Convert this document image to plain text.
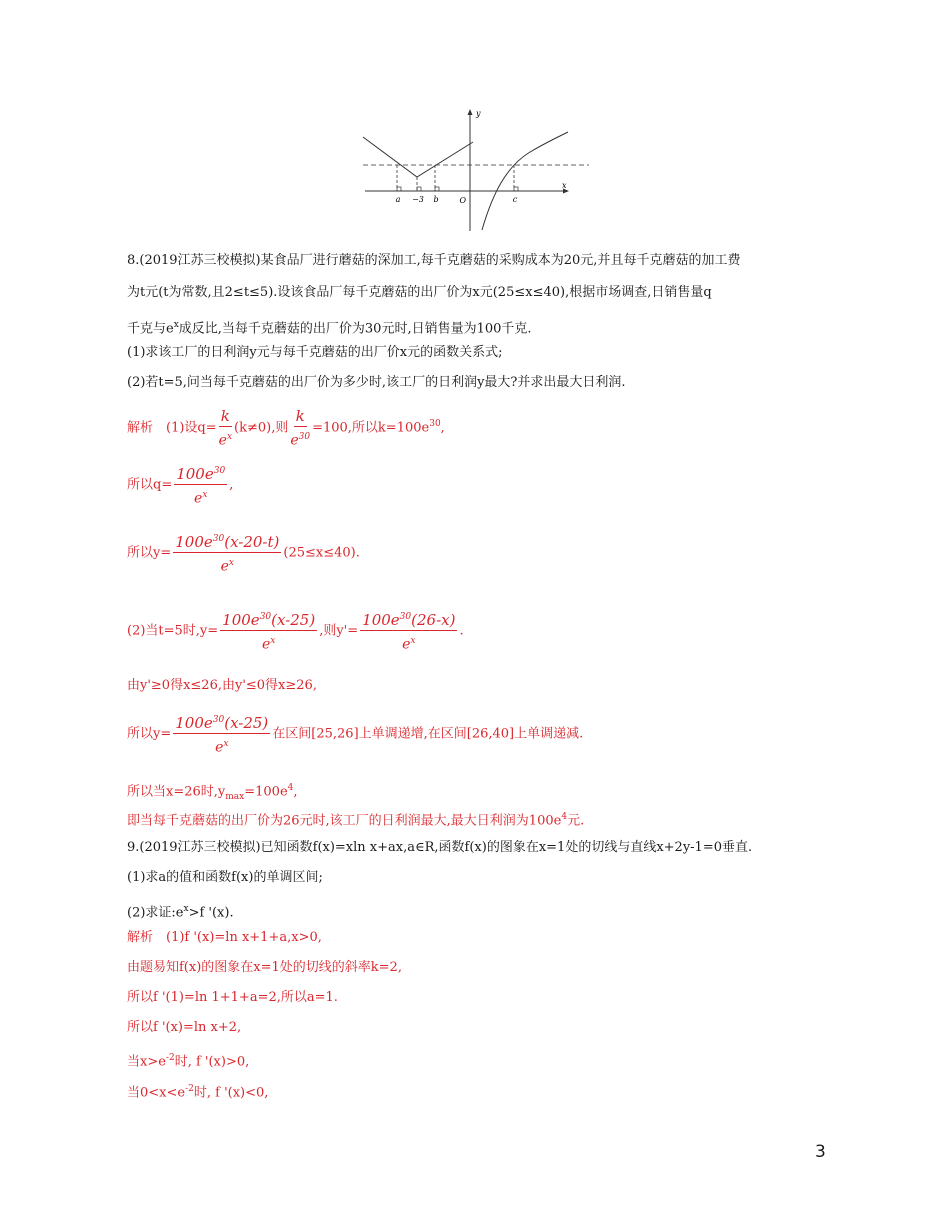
y
x
O
a −3 b	c
8.(2019江苏三校模拟)某食品厂进行蘑菇的深加工,每千克蘑菇的采购成本为20元,并且每千克蘑菇的加工费
为t元(t为常数,且2≤t≤5).设该食品厂每千克蘑菇的出厂价为x元(25≤x≤40),根据市场调查,日销售量q
千克与$e^x$成反比,当每千克蘑菇的出厂价为30元时,日销售量为100千克.
(1)求该工厂的日利润y元与每千克蘑菇的出厂价x元的函数关系式;
(2)若t=5,问当每千克蘑菇的出厂价为多少时,该工厂的日利润y最大?并求出最大日利润.
解析　(1)设$q= \frac{k}{e^x} (k\ne 0)$,则 $\frac{k}{e^{30}} =100$,所以$k=100e^{30}$,
所以$q= \frac{100e^{30}}{e^x}$ ,
所以$y= \frac{100e^{30}(x-20-t)}{e^x} (25\le x\le 40)$.
(2)当t=5时$,y= \frac{100e^{30}(x-25)}{e^x}$ ,则$y'= \frac{100e^{30}(26-x)}{e^x}$ .
由y'≥0得x≤26,由y'≤0得x≥26,
所以$y= \frac{100e^{30}(x-25)}{e^x}$ 在区间[25,26]上单调递增,在区间[26,40]上单调递减.
所以当x=26时$,y_{max}=100e^4$,
即当每千克蘑菇的出厂价为26元时,该工厂的日利润最大,最大日利润为$100e^4$元.
9.(2019江苏三校模拟)已知函数f(x)=xln x+ax,a∈R,函数f(x)的图象在x=1处的切线与直线x+2y-1=0垂直.
(1)求a的值和函数f(x)的单调区间;
(2)求证$:e^x>f$ '(x).
解析　(1)f '(x)=ln x+1+a,x>0,
由题易知f(x)的图象在x=1处的切线的斜率k=2,
所以f '(1)=ln 1+1+a=2,所以a=1.
所以f '(x)=ln x+2,
当$x>e^{-2}$时, f '(x)>0,
当$0<x<e^{-2}$时, f '(x)<0,
3
